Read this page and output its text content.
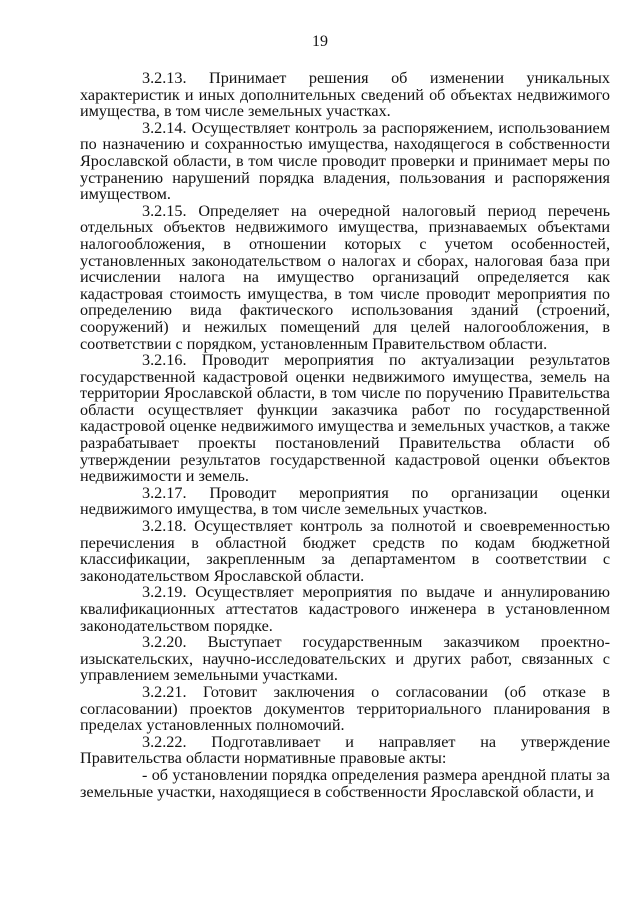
19

3.2.13. Принимает решения об изменении уникальных характеристик и иных дополнительных сведений об объектах недвижимого имущества, в том числе земельных участках.

3.2.14. Осуществляет контроль за распоряжением, использованием по назначению и сохранностью имущества, находящегося в собственности Ярославской области, в том числе проводит проверки и принимает меры по устранению нарушений порядка владения, пользования и распоряжения имуществом.

3.2.15. Определяет на очередной налоговый период перечень отдельных объектов недвижимого имущества, признаваемых объектами налогообложения, в отношении которых с учетом особенностей, установленных законодательством о налогах и сборах, налоговая база при исчислении налога на имущество организаций определяется как кадастровая стоимость имущества, в том числе проводит мероприятия по определению вида фактического использования зданий (строений, сооружений) и нежилых помещений для целей налогообложения, в соответствии с порядком, установленным Правительством области.

3.2.16. Проводит мероприятия по актуализации результатов государственной кадастровой оценки недвижимого имущества, земель на территории Ярославской области, в том числе по поручению Правительства области осуществляет функции заказчика работ по государственной кадастровой оценке недвижимого имущества и земельных участков, а также разрабатывает проекты постановлений Правительства области об утверждении результатов государственной кадастровой оценки объектов недвижимости и земель.

3.2.17. Проводит мероприятия по организации оценки недвижимого имущества, в том числе земельных участков.

3.2.18. Осуществляет контроль за полнотой и своевременностью перечисления в областной бюджет средств по кодам бюджетной классификации, закрепленным за департаментом в соответствии с законодательством Ярославской области.

3.2.19. Осуществляет мероприятия по выдаче и аннулированию квалификационных аттестатов кадастрового инженера в установленном законодательством порядке.

3.2.20. Выступает государственным заказчиком проектно-изыскательских, научно-исследовательских и других работ, связанных с управлением земельными участками.

3.2.21. Готовит заключения о согласовании (об отказе в согласовании) проектов документов территориального планирования в пределах установленных полномочий.

3.2.22. Подготавливает и направляет на утверждение Правительства области нормативные правовые акты:

- об установлении порядка определения размера арендной платы за земельные участки, находящиеся в собственности Ярославской области, и
